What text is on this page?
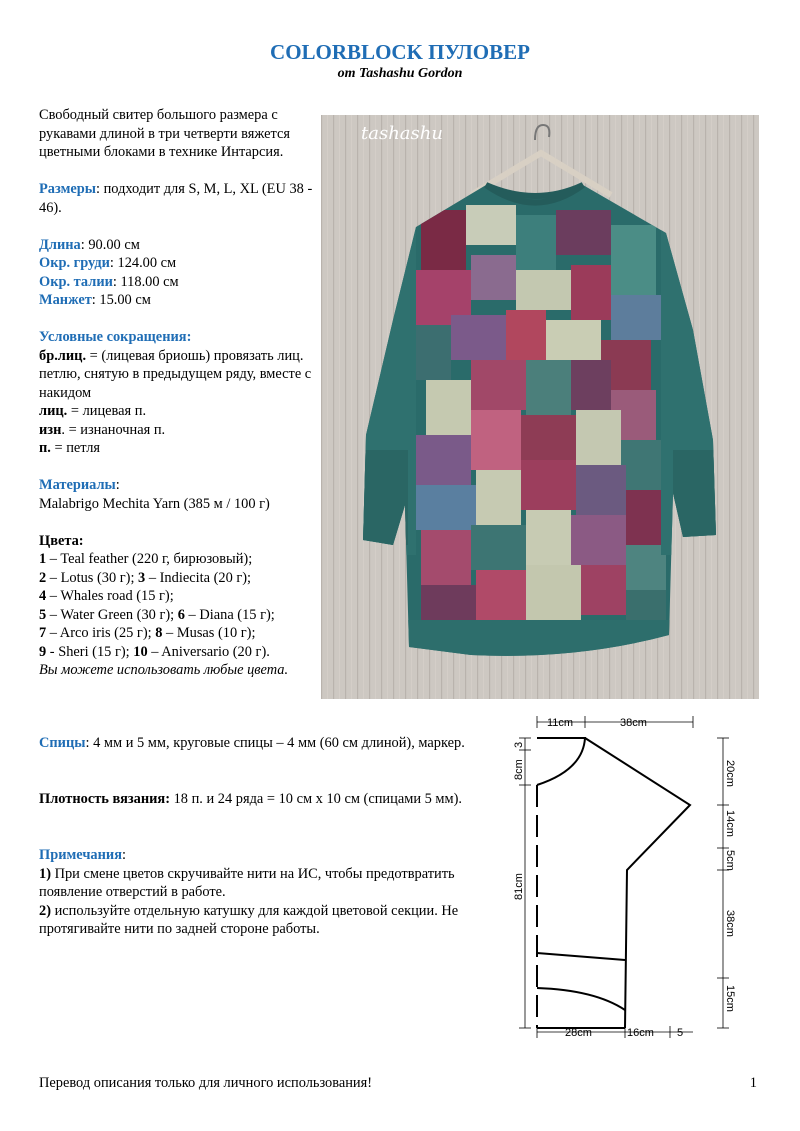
COLORBLOCK ПУЛОВЕР
от Tashashu Gordon

Свободный свитер большого размера с рукавами длиной в три четверти вяжется цветными блоками в технике Интарсия.

Размеры: подходит для S, M, L, XL (EU 38 - 46).

Длина: 90.00 см

Окр. груди: 124.00 см

Окр. талии: 118.00 см

Манжет: 15.00 см

Условные сокращения:

бр.лиц. = (лицевая бриошь) провязать лиц. петлю, снятую в предыдущем ряду, вместе с накидом

лиц. = лицевая п.

изн. = изнаночная п.

п. = петля

Материалы:

Malabrigo Mechita Yarn (385 м / 100 г)

Цвета:

1 – Teal feather (220 г, бирюзовый);

2 – Lotus (30 г); 3 – Indiecita (20 г);

4 – Whales road (15 г);

5 – Water Green (30 г); 6 – Diana (15 г);

7 – Arco iris (25 г); 8 – Musas (10 г);

9 - Sheri (15 г); 10 – Aniversario (20 г).

Вы можете использовать любые цвета.

Спицы: 4 мм и 5 мм, круговые спицы – 4 мм (60 см длиной), маркер.

Плотность вязания: 18 п. и 24 ряда = 10 см х 10 см (спицами 5 мм).

Примечания:

1) При смене цветов скручивайте нити на ИС, чтобы предотвратить появление отверстий в работе.

2) используйте отдельную катушку для каждой цветовой секции. Не протягивайте нити по задней стороне работы.

tashashu
11cm	38cm
3
8cm
81cm
20cm
14cm
5cm
38cm
15cm
28cm	16cm 5
Перевод описания только для личного использования!	1
